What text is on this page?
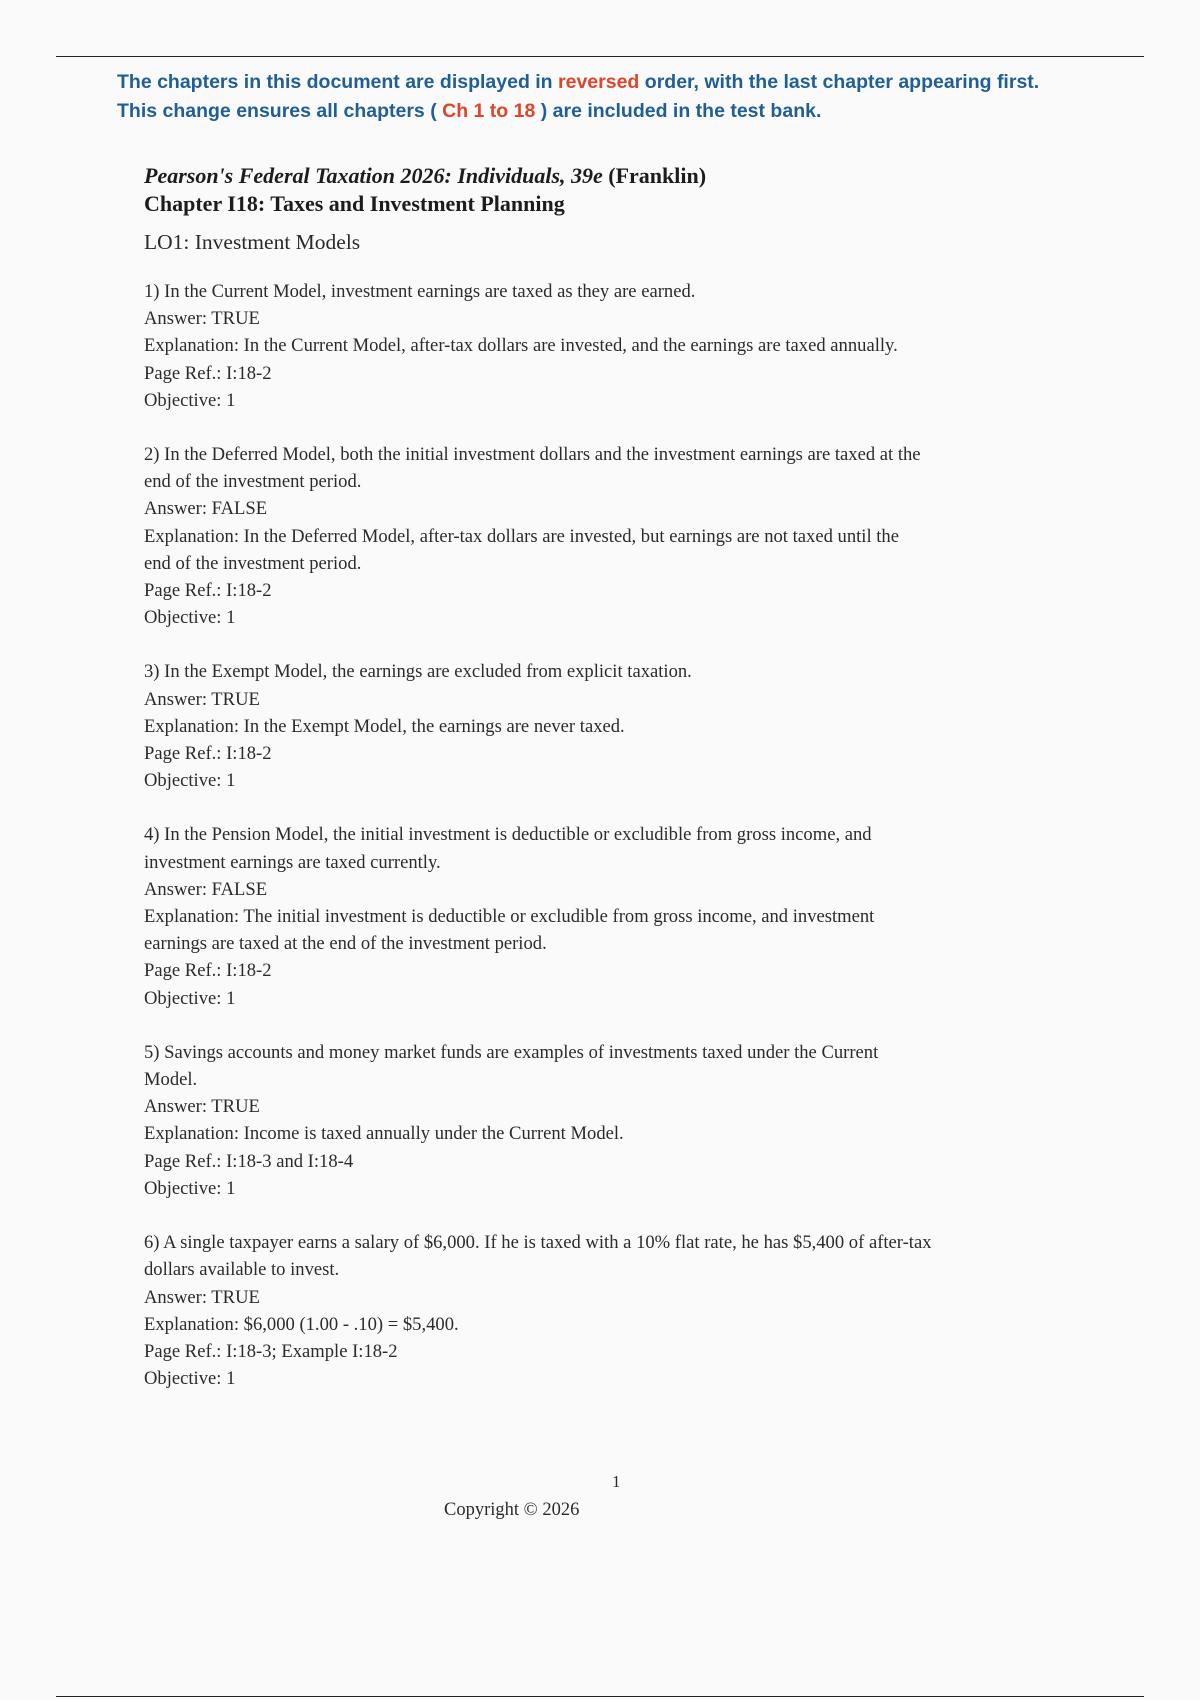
The chapters in this document are displayed in reversed order, with the last chapter appearing first.
This change ensures all chapters ( Ch 1 to 18 ) are included in the test bank.
Pearson's Federal Taxation 2026: Individuals, 39e (Franklin)
Chapter I18: Taxes and Investment Planning
LO1: Investment Models
1) In the Current Model, investment earnings are taxed as they are earned.
Answer: TRUE
Explanation: In the Current Model, after-tax dollars are invested, and the earnings are taxed annually.
Page Ref.: I:18-2
Objective: 1
2) In the Deferred Model, both the initial investment dollars and the investment earnings are taxed at the
end of the investment period.
Answer: FALSE
Explanation: In the Deferred Model, after-tax dollars are invested, but earnings are not taxed until the
end of the investment period.
Page Ref.: I:18-2
Objective: 1
3) In the Exempt Model, the earnings are excluded from explicit taxation.
Answer: TRUE
Explanation: In the Exempt Model, the earnings are never taxed.
Page Ref.: I:18-2
Objective: 1
4) In the Pension Model, the initial investment is deductible or excludible from gross income, and
investment earnings are taxed currently.
Answer: FALSE
Explanation: The initial investment is deductible or excludible from gross income, and investment
earnings are taxed at the end of the investment period.
Page Ref.: I:18-2
Objective: 1
5) Savings accounts and money market funds are examples of investments taxed under the Current
Model.
Answer: TRUE
Explanation: Income is taxed annually under the Current Model.
Page Ref.: I:18-3 and I:18-4
Objective: 1
6) A single taxpayer earns a salary of $6,000. If he is taxed with a 10% flat rate, he has $5,400 of after-tax
dollars available to invest.
Answer: TRUE
Explanation: $6,000 (1.00 - .10) = $5,400.
Page Ref.: I:18-3; Example I:18-2
Objective: 1
1
Copyright © 2026
